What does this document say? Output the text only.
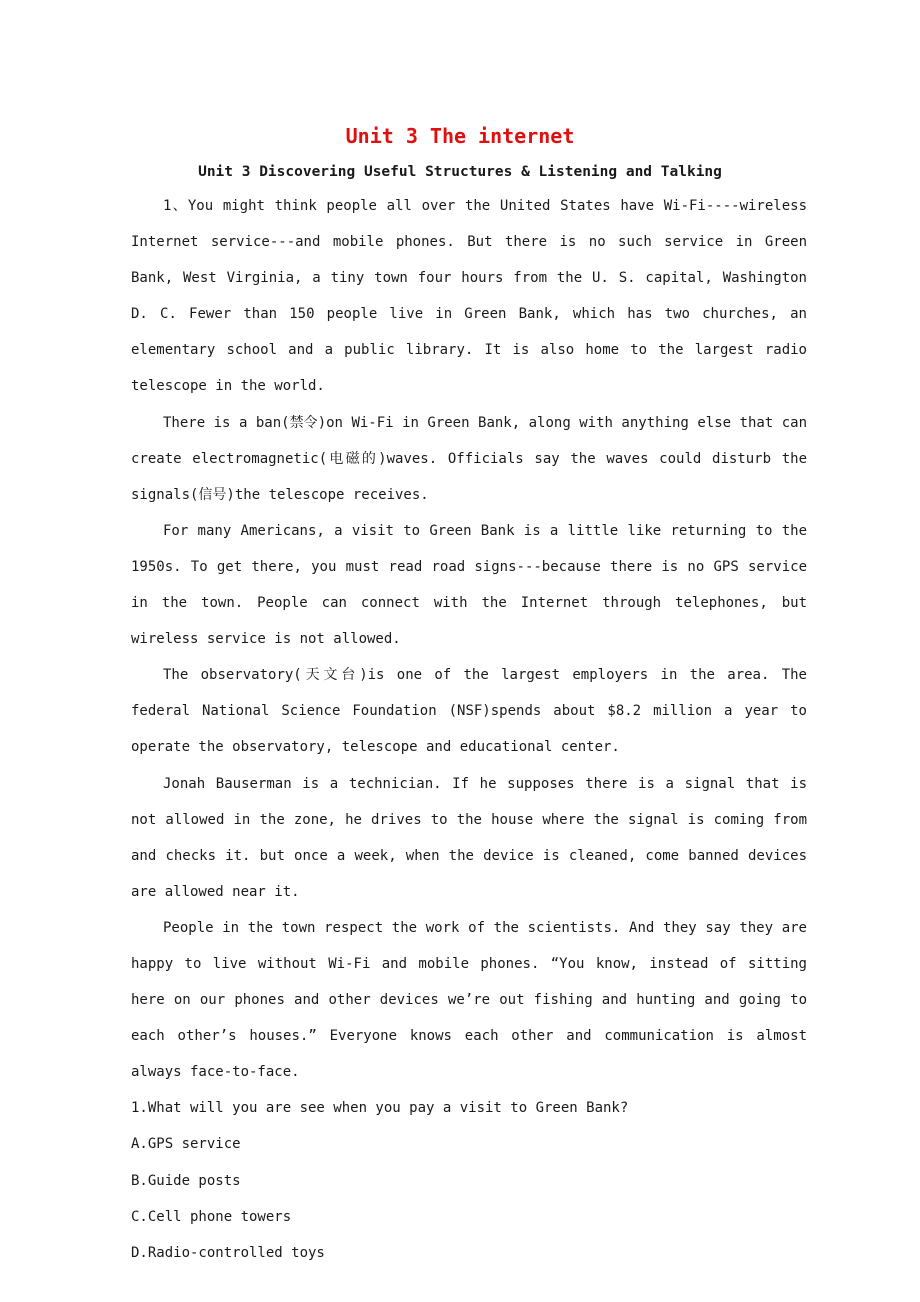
Unit 3 The internet
Unit 3 Discovering Useful Structures & Listening and Talking

1、You might think people all over the United States have Wi-Fi----wireless Internet service---and mobile phones. But there is no such service in Green Bank, West Virginia, a tiny town four hours from the U. S. capital, Washington D. C. Fewer than 150 people live in Green Bank, which has two churches, an elementary school and a public library. It is also home to the largest radio telescope in the world.

There is a ban(禁令)on Wi-Fi in Green Bank, along with anything else that can create electromagnetic(电磁的)waves. Officials say the waves could disturb the signals(信号)the telescope receives.

For many Americans, a visit to Green Bank is a little like returning to the 1950s. To get there, you must read road signs---because there is no GPS service in the town. People can connect with the Internet through telephones, but wireless service is not allowed.

The observatory(天文台)is one of the largest employers in the area. The federal National Science Foundation (NSF)spends about $8.2 million a year to operate the observatory, telescope and educational center.

Jonah Bauserman is a technician. If he supposes there is a signal that is not allowed in the zone, he drives to the house where the signal is coming from and checks it. but once a week, when the device is cleaned, come banned devices are allowed near it.

People in the town respect the work of the scientists. And they say they are happy to live without Wi-Fi and mobile phones. “You know, instead of sitting here on our phones and other devices we’re out fishing and hunting and going to each other’s houses.” Everyone knows each other and communication is almost always face-to-face.

1.What will you are see when you pay a visit to Green Bank?

A.GPS service

B.Guide posts

C.Cell phone towers

D.Radio-controlled toys
